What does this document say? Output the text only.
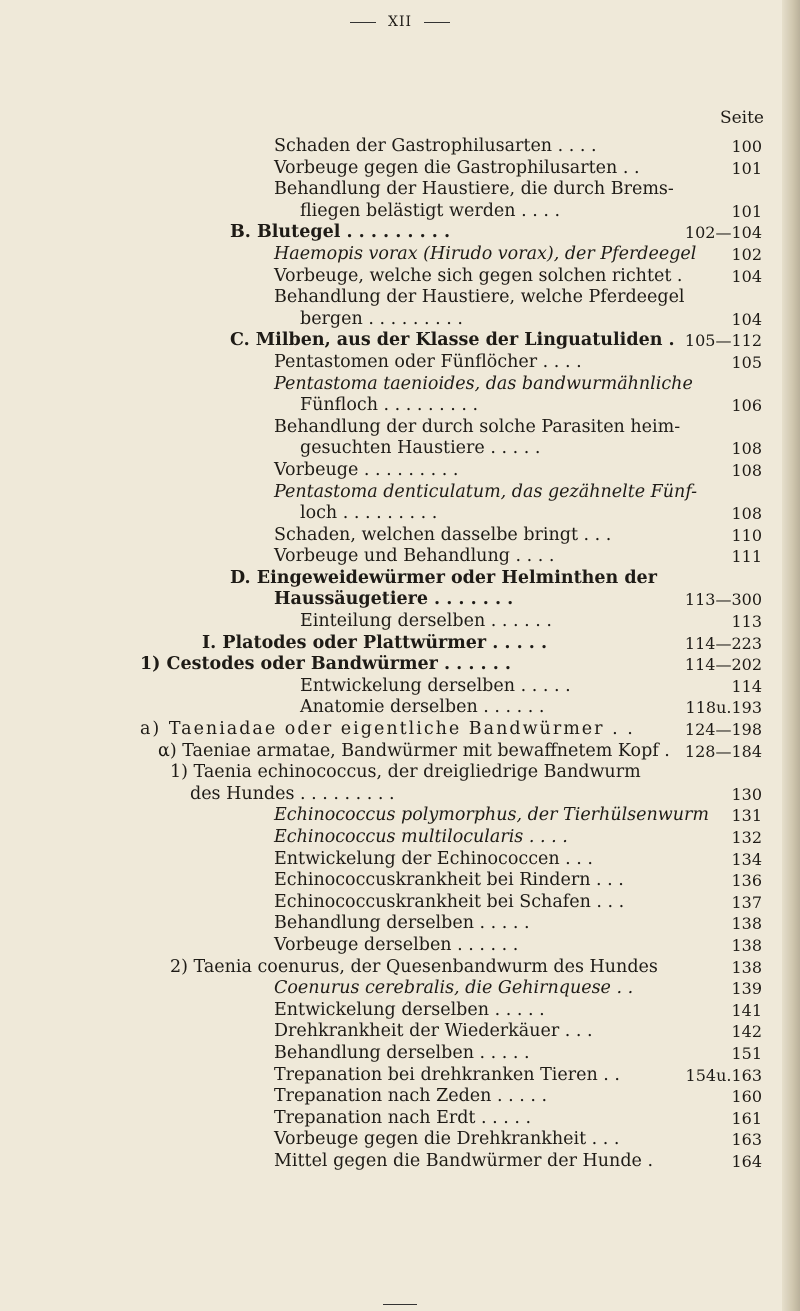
XII
Seite
Schaden der Gastrophilusarten . . . .	100
Vorbeuge gegen die Gastrophilusarten . .	101
Behandlung der Haustiere, die durch Brems-
fliegen belästigt werden . . . .	101
B. Blutegel . . . . . . . . .	102—104
Haemopis vorax (Hirudo vorax), der Pferdeegel	102
Vorbeuge, welche sich gegen solchen richtet .	104
Behandlung der Haustiere, welche Pferdeegel
bergen . . . . . . . . .	104
C. Milben, aus der Klasse der Linguatuliden . 105—112
Pentastomen oder Fünflöcher . . . .	105
Pentastoma taenioides, das bandwurmähnliche
Fünfloch . . . . . . . . .	106
Behandlung der durch solche Parasiten heim-
gesuchten Haustiere . . . . .	108
Vorbeuge . . . . . . . . .	108
Pentastoma denticulatum, das gezähnelte Fünf-
loch . . . . . . . . .	108
Schaden, welchen dasselbe bringt . . .	110
Vorbeuge und Behandlung . . . .	111
D. Eingeweidewürmer oder Helminthen der
Haussäugetiere . . . . . . .	113—300
Einteilung derselben . . . . . .	113
I. Platodes oder Plattwürmer . . . . .	114—223
1) Cestodes oder Bandwürmer . . . . . .	114—202
Entwickelung derselben . . . . .	114
Anatomie derselben . . . . . .	118u.193
a) Taeniadae oder eigentliche Bandwürmer . .	124—198
α) Taeniae armatae, Bandwürmer mit bewaffnetem Kopf . 128—184
1) Taenia echinococcus, der dreigliedrige Bandwurm
des Hundes . . . . . . . . .	130
Echinococcus polymorphus, der Tierhülsenwurm	131
Echinococcus multilocularis . . . .	132
Entwickelung der Echinococcen . . .	134
Echinococcuskrankheit bei Rindern . . .	136
Echinococcuskrankheit bei Schafen . . .	137
Behandlung derselben . . . . .	138
Vorbeuge derselben . . . . . .	138
2) Taenia coenurus, der Quesenbandwurm des Hundes	138
Coenurus cerebralis, die Gehirnquese . .	139
Entwickelung derselben . . . . .	141
Drehkrankheit der Wiederkäuer . . .	142
Behandlung derselben . . . . .	151
Trepanation bei drehkranken Tieren . .	154u.163
Trepanation nach Zeden . . . . .	160
Trepanation nach Erdt . . . . .	161
Vorbeuge gegen die Drehkrankheit . . .	163
Mittel gegen die Bandwürmer der Hunde .	164
